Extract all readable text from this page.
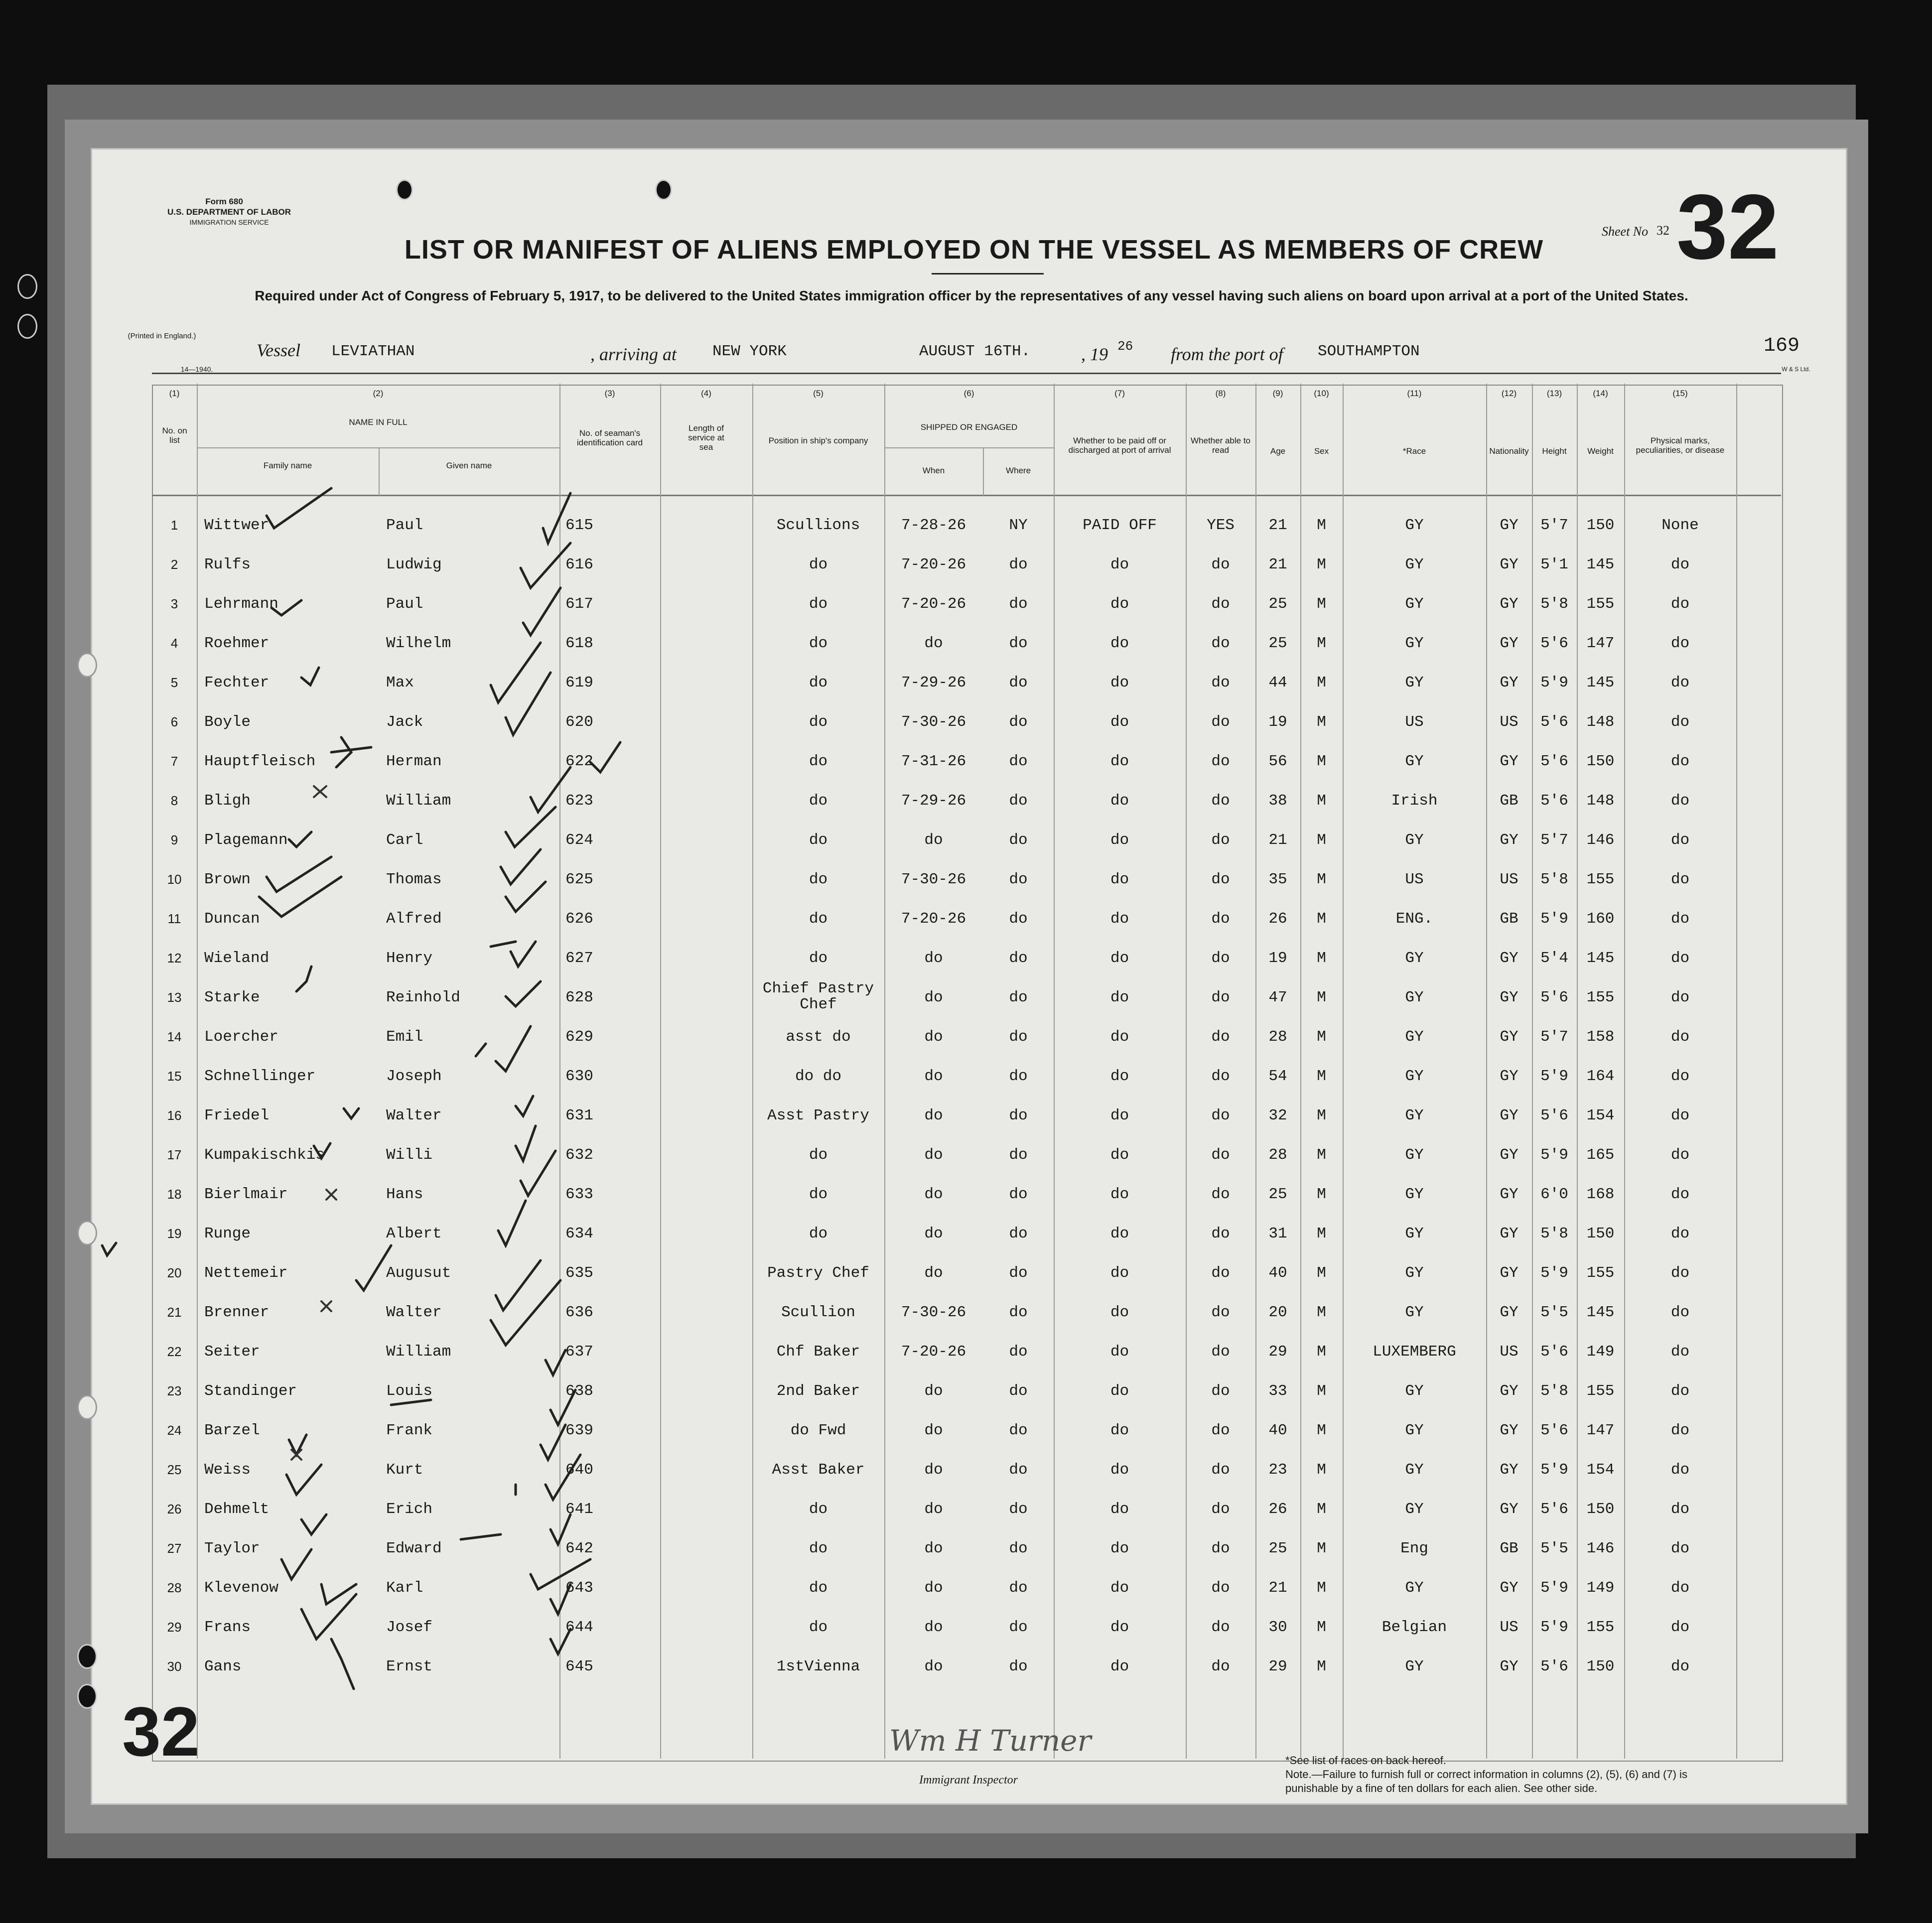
Form 680
U.S. DEPARTMENT OF LABOR
IMMIGRATION SERVICE
(Printed in England.)
14—1940.
Sheet No 32 32
169
W & S Ltd.
LIST OR MANIFEST OF ALIENS EMPLOYED ON THE VESSEL AS MEMBERS OF CREW
Required under Act of Congress of February 5, 1917, to be delivered to the United States immigration officer by the representatives of any vessel having such aliens on board upon arrival at a port of the United States.
Vessel LEVIATHAN	, arriving at NEW YORK	AUGUST 16TH.	, 19 26 from the port of SOUTHAMPTON
(1)
No. on list
(2)
NAME IN FULL
Family name	Given name
(3)
No. of seaman's identification card
(4)
Length of service at sea
(5)
Position in ship's company
(6)
SHIPPED OR ENGAGED
When	Where
(7)
Whether to be paid off or discharged at port of arrival
(8)
Whether able to read
(9)
Age
(10)
Sex
(11)
*Race
(12)
Nationality
(13)
Height
(14)
Weight
(15)
Physical marks, peculiarities, or disease
1	Wittwer	Paul	615	Scullions	7-28-26	NY	PAID OFF	YES	21	M	GY	GY	5'7	150	None
2	Rulfs	Ludwig	616	do	7-20-26	do	do	do	21	M	GY	GY	5'1	145	do
3	Lehrmann	Paul	617	do	7-20-26	do	do	do	25	M	GY	GY	5'8	155	do
4	Roehmer	Wilhelm	618	do	do	do	do	do	25	M	GY	GY	5'6	147	do
5	Fechter	Max	619	do	7-29-26	do	do	do	44	M	GY	GY	5'9	145	do
6	Boyle	Jack	620	do	7-30-26	do	do	do	19	M	US	US	5'6	148	do
7	Hauptfleisch	Herman	622	do	7-31-26	do	do	do	56	M	GY	GY	5'6	150	do
8	Bligh	William	623	do	7-29-26	do	do	do	38	M	Irish	GB	5'6	148	do
9	Plagemann	Carl	624	do	do	do	do	do	21	M	GY	GY	5'7	146	do
10	Brown	Thomas	625	do	7-30-26	do	do	do	35	M	US	US	5'8	155	do
11	Duncan	Alfred	626	do	7-20-26	do	do	do	26	M	ENG.	GB	5'9	160	do
12	Wieland	Henry	627	do	do	do	do	do	19	M	GY	GY	5'4	145	do
13	Starke	Reinhold	628
Chief Pastry Chef	do	do	do	do	47	M	GY	GY	5'6	155	do
14	Loercher	Emil	629	asst do	do	do	do	do	28	M	GY	GY	5'7	158	do
15	Schnellinger	Joseph	630	do do	do	do	do	do	54	M	GY	GY	5'9	164	do
16	Friedel	Walter	631	Asst Pastry	do	do	do	do	32	M	GY	GY	5'6	154	do
17	Kumpakischkis	Willi	632	do	do	do	do	do	28	M	GY	GY	5'9	165	do
18	Bierlmair	Hans	633	do	do	do	do	do	25	M	GY	GY	6'0	168	do
19	Runge	Albert	634	do	do	do	do	do	31	M	GY	GY	5'8	150	do
20	Nettemeir	Augusut	635	Pastry Chef	do	do	do	do	40	M	GY	GY	5'9	155	do
21	Brenner	Walter	636	Scullion	7-30-26	do	do	do	20	M	GY	GY	5'5	145	do
22	Seiter	William	637	Chf Baker	7-20-26	do	do	do	29	M	LUXEMBERG	US	5'6	149	do
23	Standinger	Louis	638	2nd Baker	do	do	do	do	33	M	GY	GY	5'8	155	do
24	Barzel	Frank	639	do Fwd	do	do	do	do	40	M	GY	GY	5'6	147	do
25	Weiss	Kurt	640	Asst Baker	do	do	do	do	23	M	GY	GY	5'9	154	do
26	Dehmelt	Erich	641	do	do	do	do	do	26	M	GY	GY	5'6	150	do
27	Taylor	Edward	642	do	do	do	do	do	25	M	Eng	GB	5'5	146	do
28	Klevenow	Karl	643	do	do	do	do	do	21	M	GY	GY	5'9	149	do
29	Frans	Josef	644	do	do	do	do	do	30	M	Belgian	US	5'9	155	do
30	Gans	Ernst	645	1stVienna	do	do	do	do	29	M	GY	GY	5'6	150	do
32	Wm H Turner
Immigrant Inspector
*See list of races on back hereof.
Note.—Failure to furnish full or correct information in columns (2), (5), (6) and (7) is punishable by a fine of ten dollars for each alien. See other side.
